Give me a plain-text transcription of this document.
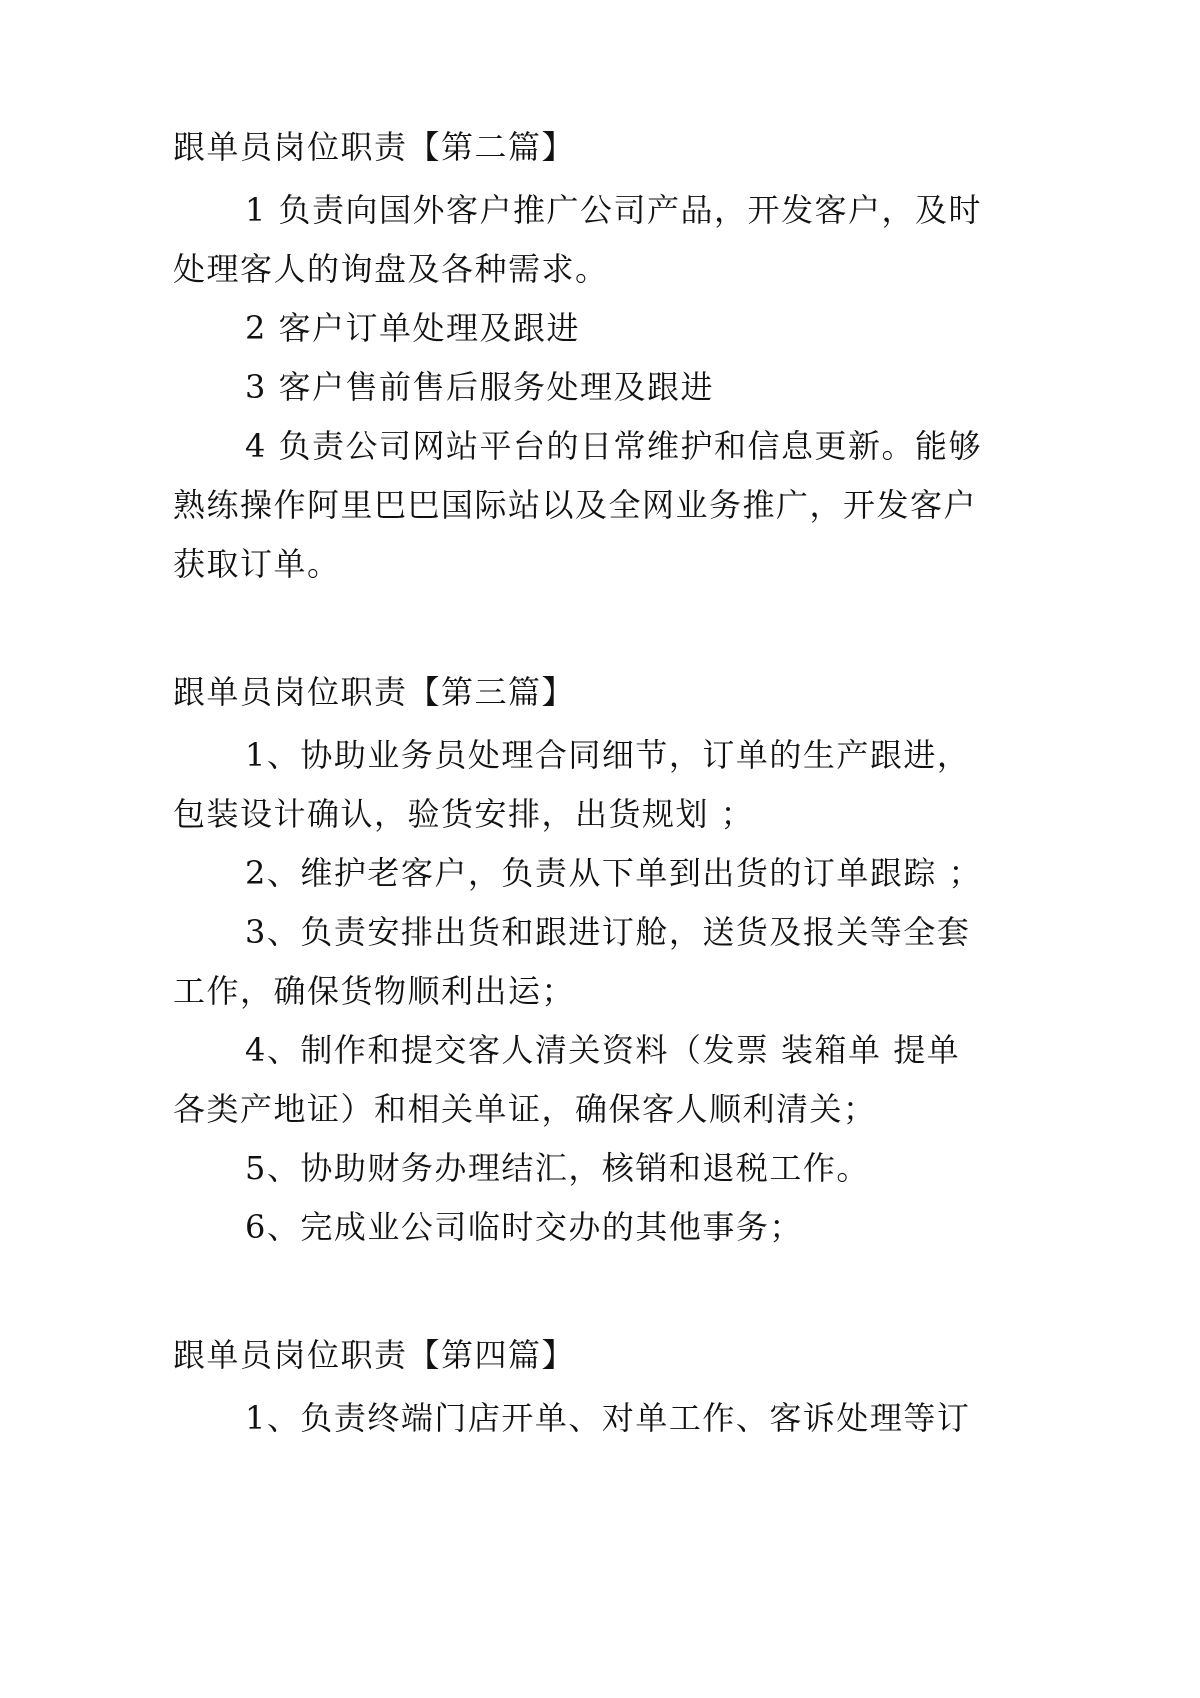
跟单员岗位职责【第二篇】

1 负责向国外客户推广公司产品，开发客户，及时
处理客人的询盘及各种需求。

2 客户订单处理及跟进

3 客户售前售后服务处理及跟进

4 负责公司网站平台的日常维护和信息更新。能够
熟练操作阿里巴巴国际站以及全网业务推广，开发客户
获取订单。

跟单员岗位职责【第三篇】

1、协助业务员处理合同细节，订单的生产跟进，
包装设计确认，验货安排，出货规划 ；

2、维护老客户，负责从下单到出货的订单跟踪 ；

3、负责安排出货和跟进订舱，送货及报关等全套
工作，确保货物顺利出运；

4、制作和提交客人清关资料（发票 装箱单 提单
各类产地证）和相关单证，确保客人顺利清关；

5、协助财务办理结汇，核销和退税工作。

6、完成业公司临时交办的其他事务；

跟单员岗位职责【第四篇】

1、负责终端门店开单、对单工作、客诉处理等订
